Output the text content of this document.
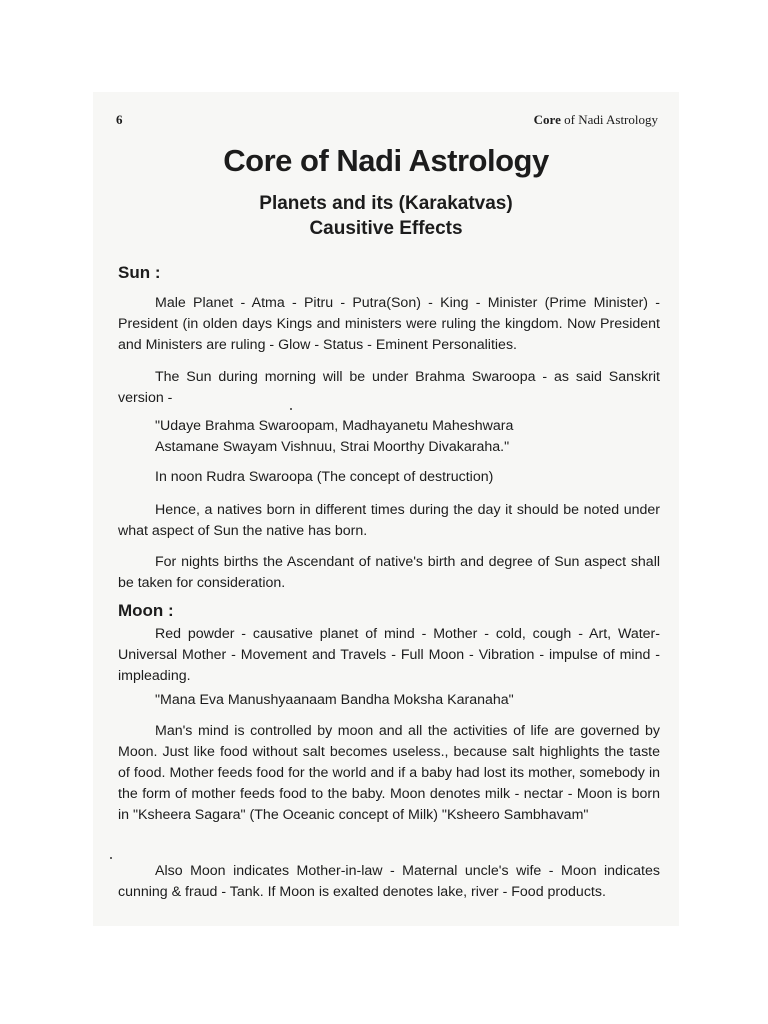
6	Core of Nadi Astrology
Core of Nadi Astrology
Planets and its (Karakatvas)
Causitive Effects
Sun :

Male Planet - Atma - Pitru - Putra(Son) - King - Minister (Prime Minister) - President (in olden days Kings and ministers were ruling the kingdom. Now President and Ministers are ruling - Glow - Status - Eminent Personalities.

The Sun during morning will be under Brahma Swaroopa - as said Sanskrit version -

"Udaye Brahma Swaroopam, Madhayanetu Maheshwara

Astamane Swayam Vishnuu, Strai Moorthy Divakaraha."

In noon Rudra Swaroopa (The concept of destruction)

Hence, a natives born in different times during the day it should be noted under what aspect of Sun the native has born.

For nights births the Ascendant of native's birth and degree of Sun aspect shall be taken for consideration.

Moon :

Red powder - causative planet of mind - Mother - cold, cough - Art, Water-Universal Mother - Movement and Travels - Full Moon - Vibration - impulse of mind - impleading.

"Mana Eva Manushyaanaam Bandha Moksha Karanaha"

Man's mind is controlled by moon and all the activities of life are governed by Moon. Just like food without salt becomes useless., because salt highlights the taste of food. Mother feeds food for the world and if a baby had lost its mother, somebody in the form of mother feeds food to the baby. Moon denotes milk - nectar - Moon is born in "Ksheera Sagara" (The Oceanic concept of Milk) "Ksheero Sambhavam"

Also Moon indicates Mother-in-law - Maternal uncle's wife - Moon indicates cunning & fraud - Tank. If Moon is exalted denotes lake, river - Food products.
